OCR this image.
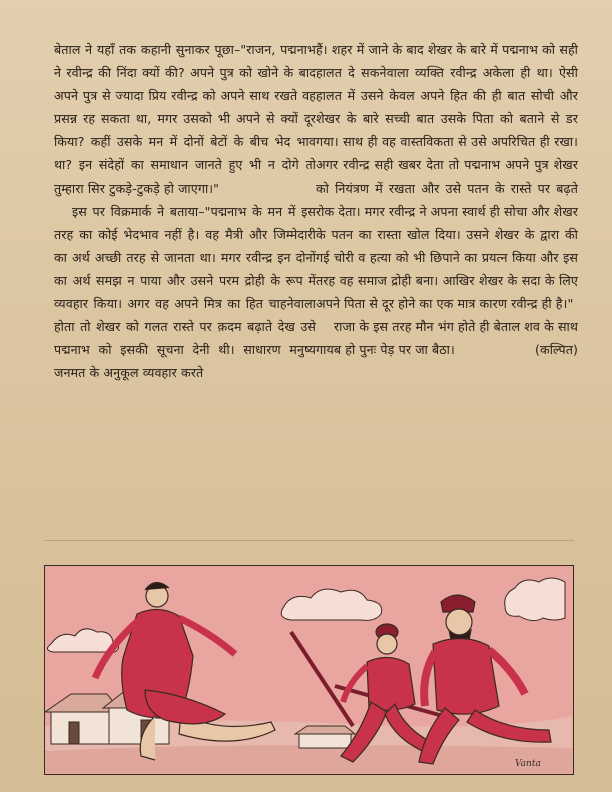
बेताल ने यहाँ तक कहानी सुनाकर पूछा–"राजन, पद्मनाभ ने रवीन्द्र की निंदा क्यों की? अपने पुत्र को खोने के बाद अपने पुत्र से ज्यादा प्रिय रवीन्द्र को अपने साथ रखते वह प्रसन्न रह सकता था, मगर उसको भी अपने से क्यों दूर किया? कहीं उसके मन में दोनों बेटों के बीच भेद भाव था? इन संदेहों का समाधान जानते हुए भी न दोगे तो तुम्हारा सिर टुकड़े-टुकड़े हो जाएगा।"

इस पर विक्रमार्क ने बताया–"पद्मनाभ के मन में इस तरह का कोई भेदभाव नहीं है। वह मैत्री और जिम्मेदारी का अर्थ अच्छी तरह से जानता था। मगर रवीन्द्र इन दोनों का अर्थ समझ न पाया और उसने परम द्रोही के रूप में व्यवहार किया। अगर वह अपने मित्र का हित चाहनेवाला होता तो शेखर को गलत रास्ते पर क़दम बढ़ाते देख उसे पद्मनाभ को इसकी सूचना देनी थी। साधारण मनुष्य जनमत के अनुकूल व्यवहार करते

हैं। शहर में जाने के बाद शेखर के बारे में पद्मनाभ को सही हालत दे सकनेवाला व्यक्ति रवीन्द्र अकेला ही था। ऐसी हालत में उसने केवल अपने हित की ही बात सोची और शेखर के बारे सच्ची बात उसके पिता को बताने से डर गया। साथ ही वह वास्तविकता से उसे अपरिचित ही रखा। अगर रवीन्द्र सही खबर देता तो पद्मनाभ अपने पुत्र शेखर को नियंत्रण में रखता और उसे पतन के रास्ते पर बढ़ते रोक देता। मगर रवीन्द्र ने अपना स्वार्थ ही सोचा और शेखर के पतन का रास्ता खोल दिया। उसने शेखर के द्वारा की गई चोरी व हत्या को भी छिपाने का प्रयत्न किया और इस तरह वह समाज द्रोही बना। आखिर शेखर के सदा के लिए अपने पिता से दूर होने का एक मात्र कारण रवीन्द्र ही है।"

राजा के इस तरह मौन भंग होते ही बेताल शव के साथ गायब हो पुनः पेड़ पर जा बैठा।	(कल्पित)
Vanta
